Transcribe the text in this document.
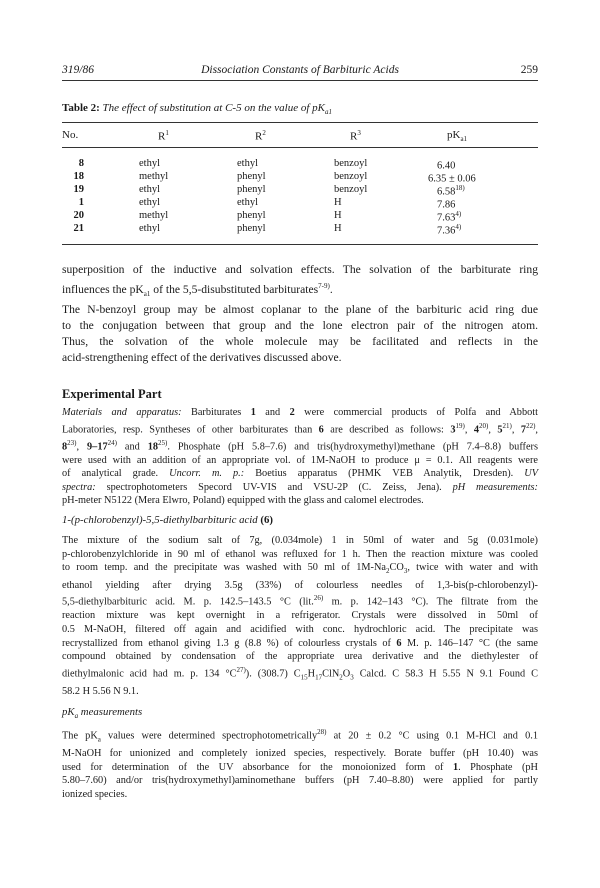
319/86	Dissociation Constants of Barbituric Acids	259
Table 2: The effect of substitution at C-5 on the value of $pK_{a1}$
No.	$R^1$	$R^2$	$R^3$	$pK_{a1}$
8	ethyl	ethyl	benzoyl	6.40
18	methyl	phenyl	benzoyl	6.35 ± 0.06
19	ethyl	phenyl	benzoyl	6.58$^{18)}$
1	ethyl	ethyl	H	7.86
20	methyl	phenyl	H	7.63$^{4)}$
21	ethyl	phenyl	H	7.36$^{4)}$
superposition of the inductive and solvation effects. The solvation of the barbiturate ring
influences the $pK_{a1}$ of the 5,5-disubstituted barbiturates$^{7-9)}$.
The N-benzoyl group may be almost coplanar to the plane of the barbituric acid ring due
to the conjugation between that group and the lone electron pair of the nitrogen atom.
Thus, the solvation of the whole molecule may be facilitated and reflects in the
acid-strengthening effect of the derivatives discussed above.
Experimental Part
Materials and apparatus: Barbiturates 1 and 2 were commercial products of Polfa and Abbott
Laboratories, resp. Syntheses of other barbiturates than 6 are described as follows: 3$^{19)}$, 4$^{20)}$, 5$^{21)}$, 7$^{22)}$,
8$^{23)}$, 9–17$^{24)}$ and 18$^{25)}$. Phosphate (pH 5.8–7.6) and tris(hydroxymethyl)methane (pH 7.4–8.8) buffers
were used with an addition of an appropriate vol. of 1M-NaOH to produce μ = 0.1. All reagents were
of analytical grade. Uncorr. m. p.: Boetius apparatus (PHMK VEB Analytik, Dresden). UV
spectra: spectrophotometers Specord UV-VIS and VSU-2P (C. Zeiss, Jena). pH measurements:
pH-meter N5122 (Mera Elwro, Poland) equipped with the glass and calomel electrodes.
1-(p-chlorobenzyl)-5,5-diethylbarbituric acid (6)
The mixture of the sodium salt of 7g, (0.034mole) 1 in 50ml of water and 5g (0.031mole)
p-chlorobenzylchloride in 90 ml of ethanol was refluxed for 1 h. Then the reaction mixture was cooled
to room temp. and the precipitate was washed with 50 ml of $1M-Na_2CO_3$, twice with water and with
ethanol yielding after drying 3.5g (33%) of colourless needles of 1,3-bis(p-chlorobenzyl)-
5,5-diethylbarbituric acid. M. p. 142.5–143.5 °C (lit.$^{26)}$ m. p. 142–143 °C). The filtrate from the
reaction mixture was kept overnight in a refrigerator. Crystals were dissolved in 50ml of
0.5 M-NaOH, filtered off again and acidified with conc. hydrochloric acid. The precipitate was
recrystallized from ethanol giving 1.3 g (8.8 %) of colourless crystals of 6 M. p. 146–147 °C (the same
compound obtained by condensation of the appropriate urea derivative and the diethylester of
diethylmalonic acid had m. p. 134 $^\circ C^{27)}$). (308.7) $C_{15}H_{17}ClN_2O_3$ Calcd. C 58.3 H 5.55 N 9.1 Found C
58.2 H 5.56 N 9.1.
$pK_a$ measurements
The $pK_a$ values were determined spectrophotometrically$^{28)}$ at 20 ± 0.2 °C using 0.1 M-HCl and 0.1
M-NaOH for unionized and completely ionized species, respectively. Borate buffer (pH 10.40) was
used for determination of the UV absorbance for the monoionized form of 1. Phosphate (pH
5.80–7.60) and/or tris(hydroxymethyl)aminomethane buffers (pH 7.40–8.80) were applied for partly
ionized species.
